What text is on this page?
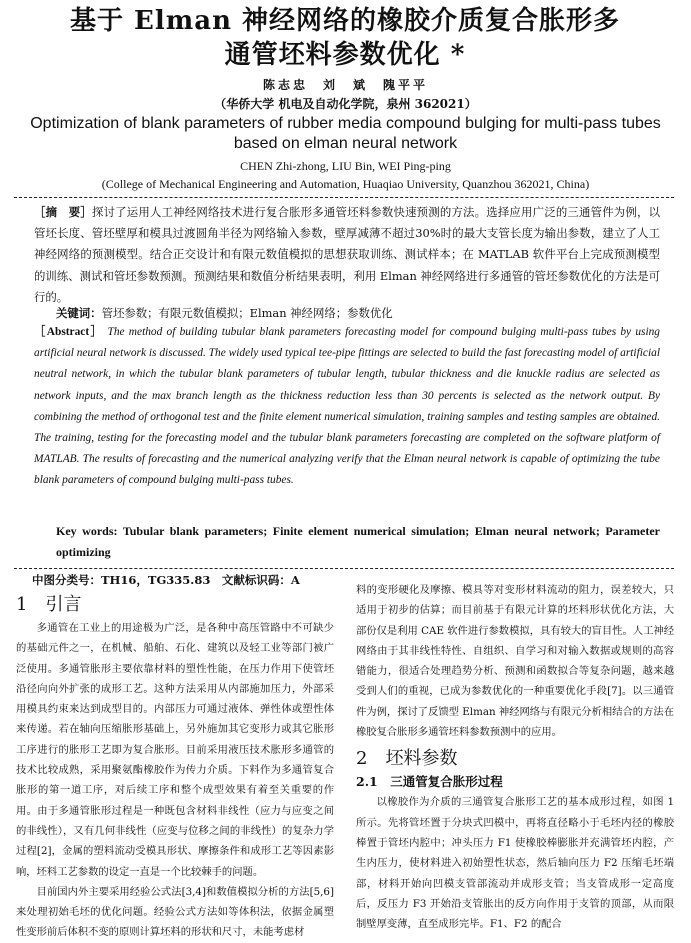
基于 Elman 神经网络的橡胶介质复合胀形多通管坯料参数优化 *
陈志忠　刘　斌　隗平平
（华侨大学 机电及自动化学院，泉州 362021）
Optimization of blank parameters of rubber media compound bulging for multi-pass tubes based on elman neural network
CHEN Zhi-zhong, LIU Bin, WEI Ping-ping
(College of Mechanical Engineering and Automation, Huaqiao University, Quanzhou 362021, China)

［摘　要］探讨了运用人工神经网络技术进行复合胀形多通管坯料参数快速预测的方法。选择应用广泛的三通管件为例，以管坯长度、管坯壁厚和模具过渡圆角半径为网络输入参数，壁厚减薄不超过30%时的最大支管长度为输出参数，建立了人工神经网络的预测模型。结合正交设计和有限元数值模拟的思想获取训练、测试样本；在 MATLAB 软件平台上完成预测模型的训练、测试和管坯参数预测。预测结果和数值分析结果表明，利用 Elman 神经网络进行多通管的管坯参数优化的方法是可行的。

关键词：管坯参数；有限元数值模拟；Elman 神经网络；参数优化

［Abstract］ The method of building tubular blank parameters forecasting model for compound bulging multi-pass tubes by using artificial neural network is discussed. The widely used typical tee-pipe fittings are selected to build the fast forecasting model of artificial neutral network, in which the tubular blank parameters of tubular length, tubular thickness and die knuckle radius are selected as network inputs, and the max branch length as the thickness reduction less than 30 percents is selected as the network output. By combining the method of orthogonal test and the finite element numerical simulation, training samples and testing samples are obtained. The training, testing for the forecasting model and the tubular blank parameters forecasting are completed on the software platform of MATLAB. The results of forecasting and the numerical analyzing verify that the Elman neural network is capable of optimizing the tube blank parameters of compound bulging multi-pass tubes.

Key words: Tubular blank parameters; Finite element numerical simulation; Elman neural network; Parameter optimizing

中图分类号：TH16，TG335.83　文献标识码：A
1　引言

多通管在工业上的用途极为广泛，是各种中高压管路中不可缺少的基础元件之一，在机械、船舶、石化、建筑以及轻工业等部门被广泛使用。多通管胀形主要依靠材料的塑性性能，在压力作用下使管坯沿径向向外扩张的成形工艺。这种方法采用从内部施加压力，外部采用模具约束来达到成型目的。内部压力可通过液体、弹性体或塑性体来传递。若在轴向压缩胀形基础上，另外施加其它变形力或其它胀形工序进行的胀形工艺即为复合胀形。目前采用液压技术胀形多通管的技术比较成熟，采用聚氨酯橡胶作为传力介质。下料作为多通管复合胀形的第一道工序，对后续工序和整个成型效果有着至关重要的作用。由于多通管胀形过程是一种既包含材料非线性（应力与应变之间的非线性），又有几何非线性（应变与位移之间的非线性）的复杂力学过程[2]，金属的塑料流动受模具形状、摩擦条件和成形工艺等因素影响，坯料工艺参数的设定一直是一个比较棘手的问题。

目前国内外主要采用经验公式法[3,4]和数值模拟分析的方法[5,6]来处理初始毛坯的优化问题。经验公式方法如等体积法，依据金属塑性变形前后体积不变的原则计算坯料的形状和尺寸，未能考虑材

料的变形硬化及摩擦、模具等对变形材料流动的阻力，误差较大，只适用于初步的估算；而目前基于有限元计算的坯料形状优化方法，大部份仅是利用 CAE 软件进行参数模拟，具有较大的盲目性。人工神经网络由于其非线性特性、自组织、自学习和对输入数据或规则的高容错能力，很适合处理趋势分析、预测和函数拟合等复杂问题，越来越受到人们的重视，已成为参数优化的一种重要优化手段[7]。以三通管件为例，探讨了反馈型 Elman 神经网络与有限元分析相结合的方法在橡胶复合胀形多通管坯料参数预测中的应用。

2　坯料参数
2.1　三通管复合胀形过程

以橡胶作为介质的三通管复合胀形工艺的基本成形过程，如图 1 所示。先将管坯置于分块式凹模中，再将直径略小于毛坯内径的橡胶棒置于管坯内腔中；冲头压力 F1 使橡胶棒膨胀并充满管坯内腔，产生内压力，使材料进入初始塑性状态，然后轴向压力 F2 压缩毛坯端部，材料开始向凹模支管部流动并成形支管；当支管成形一定高度后，反压力 F3 开始沿支管胀出的反方向作用于支管的顶部，从而限制壁厚变薄，直至成形完毕。F1、F2 的配合
